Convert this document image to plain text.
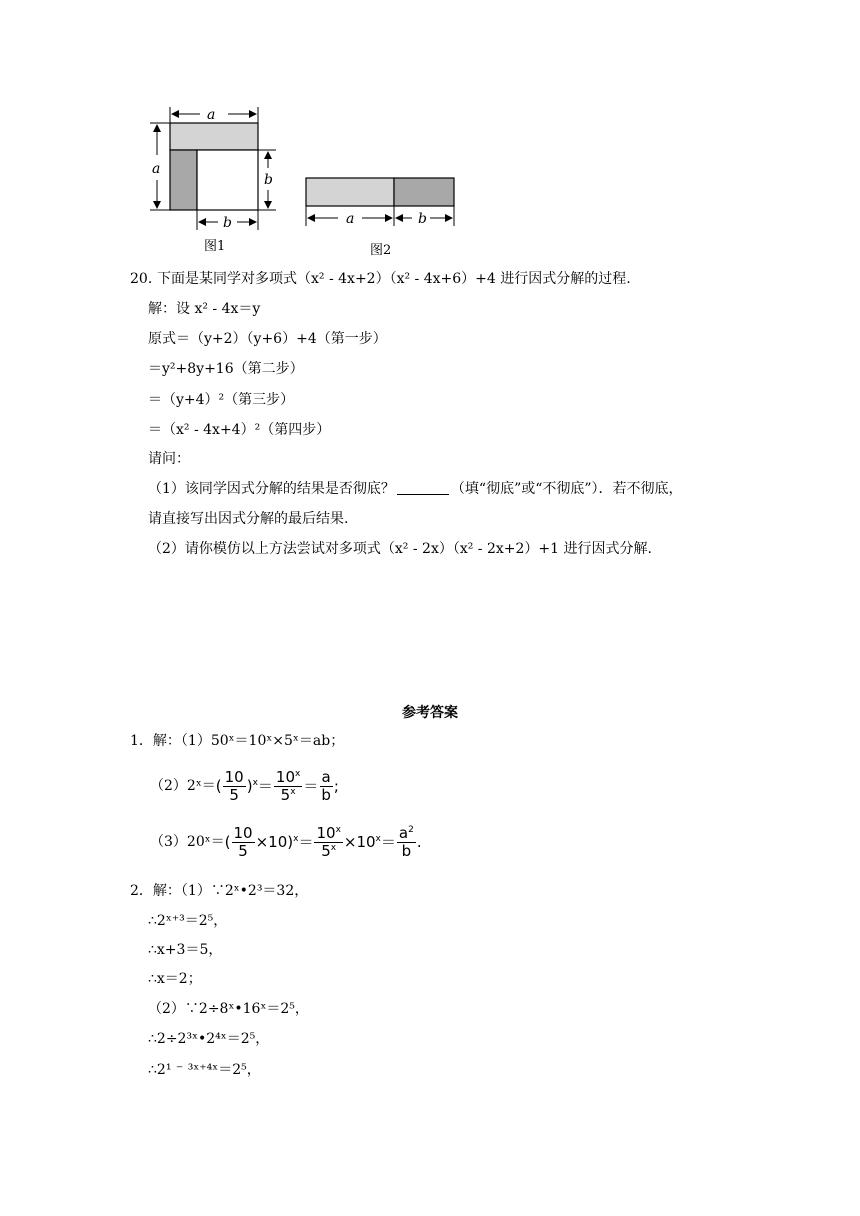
a
a
b
b
图1
a	b
图2
20．
下面是某同学对多项式（x² - 4x+2）（x² - 4x+6）+4 进行因式分解的过程.
解：设 x² - 4x＝y
原式＝（y+2）（y+6）+4（第一步）
＝y²+8y+16（第二步）
＝（y+4）²（第三步）
＝（x² - 4x+4）²（第四步）
请问：
（1）该同学因式分解的结果是否彻底？	（填“彻底”或“不彻底”）．若不彻底，
请直接写出因式分解的最后结果.
（2）请你模仿以上方法尝试对多项式（x² - 2x）（x² - 2x+2）+1 进行因式分解.
参考答案
1．解：（1）50ˣ＝10ˣ×5ˣ＝ab；
（2）2ˣ＝ ( $\frac{10}{5} )^x= \frac{10^x}{5^x} = \frac{a}{b}$ ;
（3）20ˣ＝ ( $\frac{10}{5} \times 10)^x= \frac{10^x}{5^x} \times 10^x= \frac{a^2}{b}$ .
2．解：（1）∵2ˣ•2³＝32，
∴2ˣ⁺³＝2⁵，
∴x+3＝5，
∴x＝2；
（2）∵2÷8ˣ•16ˣ＝2⁵，
∴2÷2³ˣ•2⁴ˣ＝2⁵，
∴2¹ ⁻ ³ˣ⁺⁴ˣ＝2⁵，
